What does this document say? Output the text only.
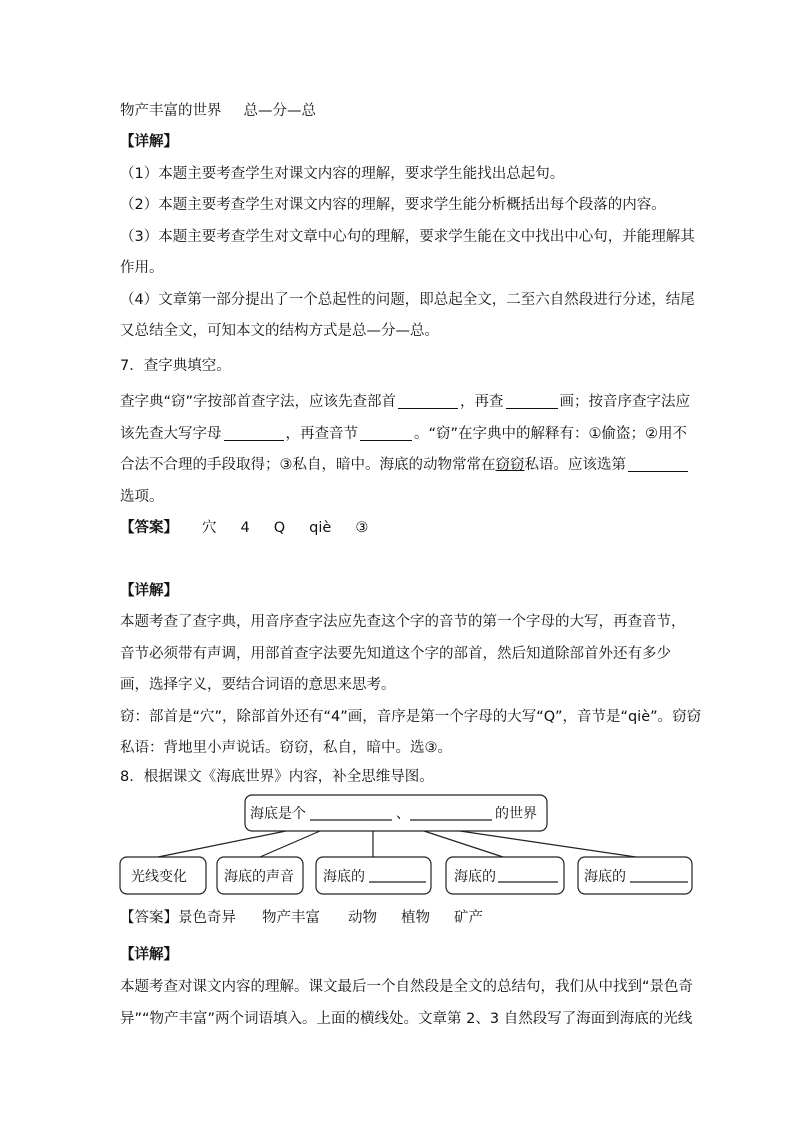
物产丰富的世界 总—分—总
【详解】
（1）本题主要考查学生对课文内容的理解，要求学生能找出总起句。
（2）本题主要考查学生对课文内容的理解，要求学生能分析概括出每个段落的内容。
（3）本题主要考查学生对文章中心句的理解，要求学生能在文中找出中心句，并能理解其
作用。
（4）文章第一部分提出了一个总起性的问题，即总起全文，二至六自然段进行分述，结尾
又总结全文，可知本文的结构方式是总—分—总。
7．查字典填空。
查字典“窃”字按部首查字法，应该先查部首	，再查	画；按音序查字法应
该先查大写字母	，再查音节	。“窃”在字典中的解释有：①偷盗；②用不
合法不合理的手段取得；③私自，暗中。海底的动物常常在窃窃私语。应该选第
选项。
【答案】 穴 4 Q qiè ③
【详解】
本题考查了查字典，用音序查字法应先查这个字的音节的第一个字母的大写，再查音节，
音节必须带有声调，用部首查字法要先知道这个字的部首，然后知道除部首外还有多少
画，选择字义，要结合词语的意思来思考。
窃：部首是“穴”，除部首外还有“4”画，音序是第一个字母的大写“Q”，音节是“qiè”。窃窃
私语：背地里小声说话。窃窃，私自，暗中。选③。
8．根据课文《海底世界》内容，补全思维导图。
海底是个	、	的世界
光线变化	海底的声音 海底的	海底的	海底的
【答案】景色奇异 物产丰富 动物 植物 矿产
【详解】
本题考查对课文内容的理解。课文最后一个自然段是全文的总结句，我们从中找到“景色奇
异”“物产丰富”两个词语填入。上面的横线处。文章第 2、3 自然段写了海面到海底的光线
